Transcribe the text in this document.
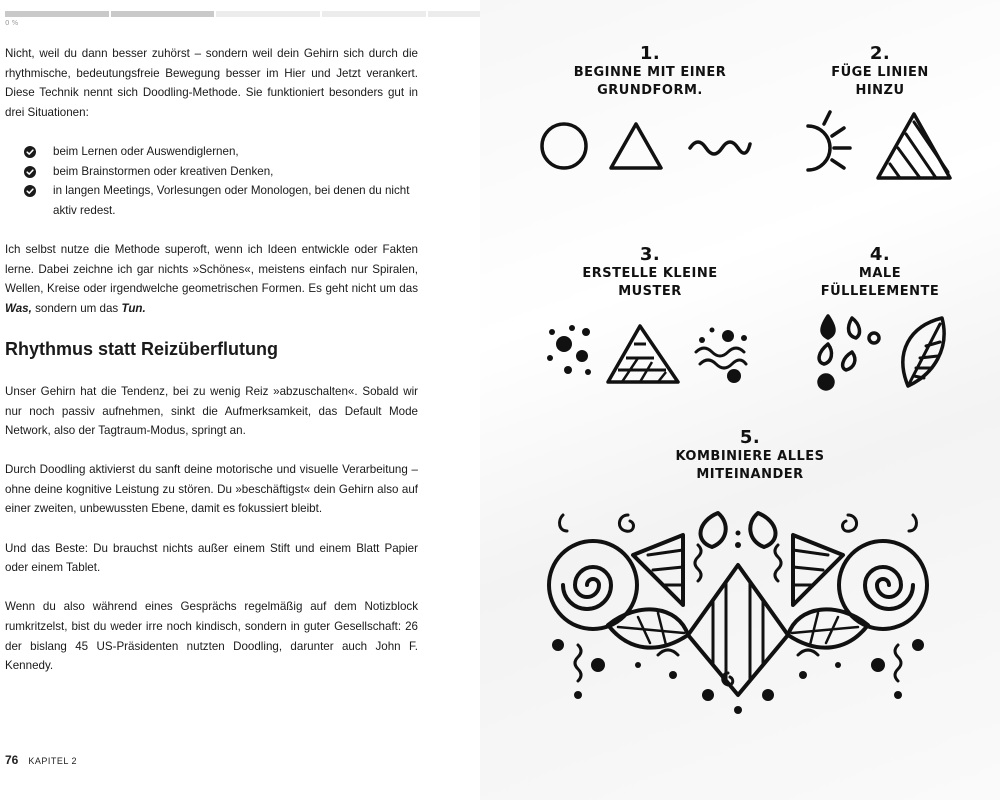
0 %

Nicht, weil du dann besser zuhörst – sondern weil dein Gehirn sich durch die rhythmische, bedeutungsfreie Bewegung besser im Hier und Jetzt verankert. Diese Technik nennt sich Doodling-Methode. Sie funktioniert besonders gut in drei Situationen:

beim Lernen oder Auswendiglernen,
beim Brainstormen oder kreativen Denken,
in langen Meetings, Vorlesungen oder Monologen, bei denen du nicht aktiv redest.

Ich selbst nutze die Methode superoft, wenn ich Ideen entwickle oder Fakten lerne. Dabei zeichne ich gar nichts »Schönes«, meistens einfach nur Spiralen, Wellen, Kreise oder irgendwelche geometrischen Formen. Es geht nicht um das Was, sondern um das Tun.

Rhythmus statt Reizüberflutung

Unser Gehirn hat die Tendenz, bei zu wenig Reiz »abzuschalten«. Sobald wir nur noch passiv aufnehmen, sinkt die Aufmerksamkeit, das Default Mode Network, also der Tagtraum-Modus, springt an.

Durch Doodling aktivierst du sanft deine motorische und visuelle Verarbeitung – ohne deine kognitive Leistung zu stören. Du »beschäftigst« dein Gehirn also auf einer zweiten, unbewussten Ebene, damit es fokussiert bleibt.

Und das Beste: Du brauchst nichts außer einem Stift und einem Blatt Papier oder einem Tablet.

Wenn du also während eines Gesprächs regelmäßig auf dem Notizblock rumkritzelst, bist du weder irre noch kindisch, sondern in guter Gesellschaft: 26 der bislang 45 US-Präsidenten nutzten Doodling, darunter auch John F. Kennedy.

76 KAPITEL 2
1.
BEGINNE MIT EINER
GRUNDFORM.
2.
FÜGE LINIEN
HINZU
3.
ERSTELLE KLEINE
MUSTER
4.
MALE
FÜLLELEMENTE
5.
KOMBINIERE ALLES
MITEINANDER
